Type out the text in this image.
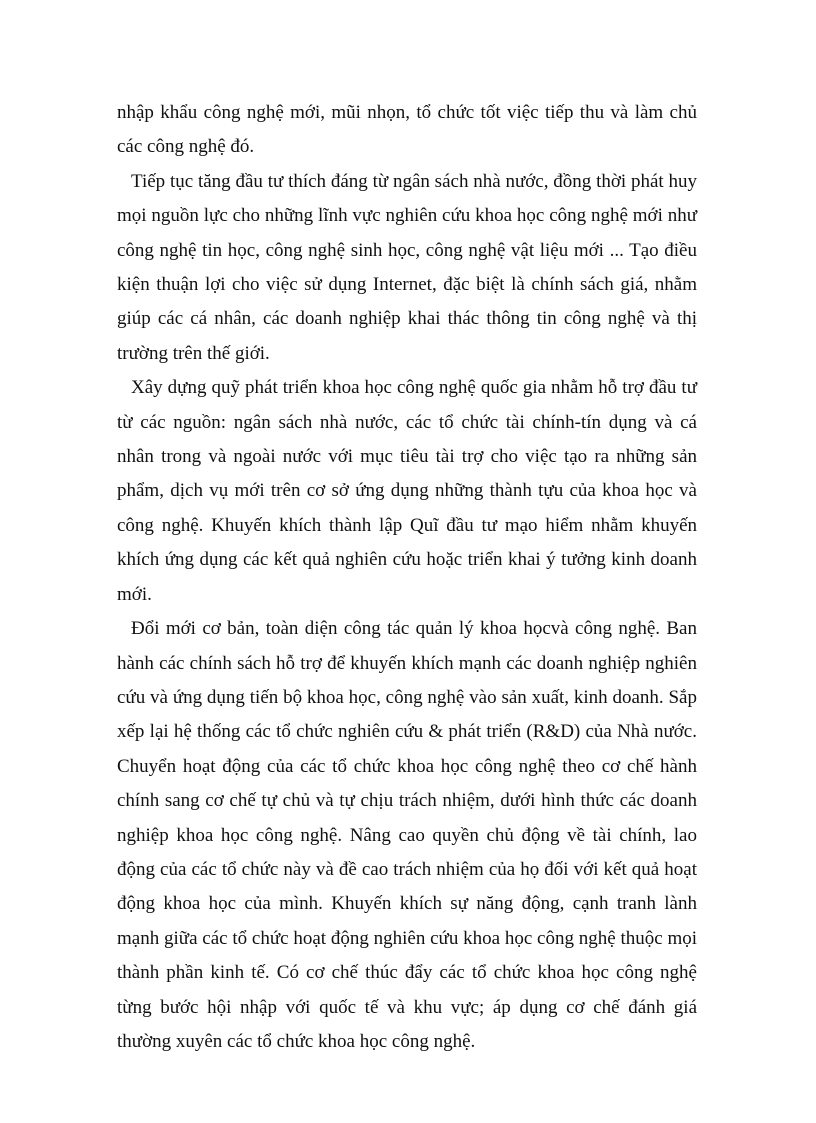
nhập khẩu công nghệ mới, mũi nhọn, tổ chức tốt việc tiếp thu và làm chủ các công nghệ đó.

Tiếp tục tăng đầu tư thích đáng từ ngân sách nhà nước, đồng thời phát huy mọi nguồn lực cho những lĩnh vực nghiên cứu khoa học công nghệ mới như công nghệ tin học, công nghệ sinh học, công nghệ vật liệu mới ... Tạo điều kiện thuận lợi cho việc sử dụng Internet, đặc biệt là chính sách giá, nhằm giúp các cá nhân, các doanh nghiệp khai thác thông tin công nghệ và thị trường trên thế giới.

Xây dựng quỹ phát triển khoa học công nghệ quốc gia nhằm hỗ trợ đầu tư từ các nguồn: ngân sách nhà nước, các tổ chức tài chính-tín dụng và cá nhân trong và ngoài nước với mục tiêu tài trợ cho việc tạo ra những sản phẩm, dịch vụ mới trên cơ sở ứng dụng những thành tựu của khoa học và công nghệ. Khuyến khích thành lập Quĩ đầu tư mạo hiểm nhằm khuyến khích ứng dụng các kết quả nghiên cứu hoặc triển khai ý tưởng kinh doanh mới.

Đổi mới cơ bản, toàn diện công tác quản lý khoa họcvà công nghệ. Ban hành các chính sách hỗ trợ để khuyến khích mạnh các doanh nghiệp nghiên cứu và ứng dụng tiến bộ khoa học, công nghệ vào sản xuất, kinh doanh. Sắp xếp lại hệ thống các tổ chức nghiên cứu & phát triển (R&D) của Nhà nước. Chuyển hoạt động của các tổ chức khoa học công nghệ theo cơ chế hành chính sang cơ chế tự chủ và tự chịu trách nhiệm, dưới hình thức các doanh nghiệp khoa học công nghệ. Nâng cao quyền chủ động về tài chính, lao động của các tổ chức này và đề cao trách nhiệm của họ đối với kết quả hoạt động khoa học của mình. Khuyến khích sự năng động, cạnh tranh lành mạnh giữa các tổ chức hoạt động nghiên cứu khoa học công nghệ thuộc mọi thành phần kinh tế. Có cơ chế thúc đẩy các tổ chức khoa học công nghệ từng bước hội nhập với quốc tế và khu vực; áp dụng cơ chế đánh giá thường xuyên các tổ chức khoa học công nghệ.
